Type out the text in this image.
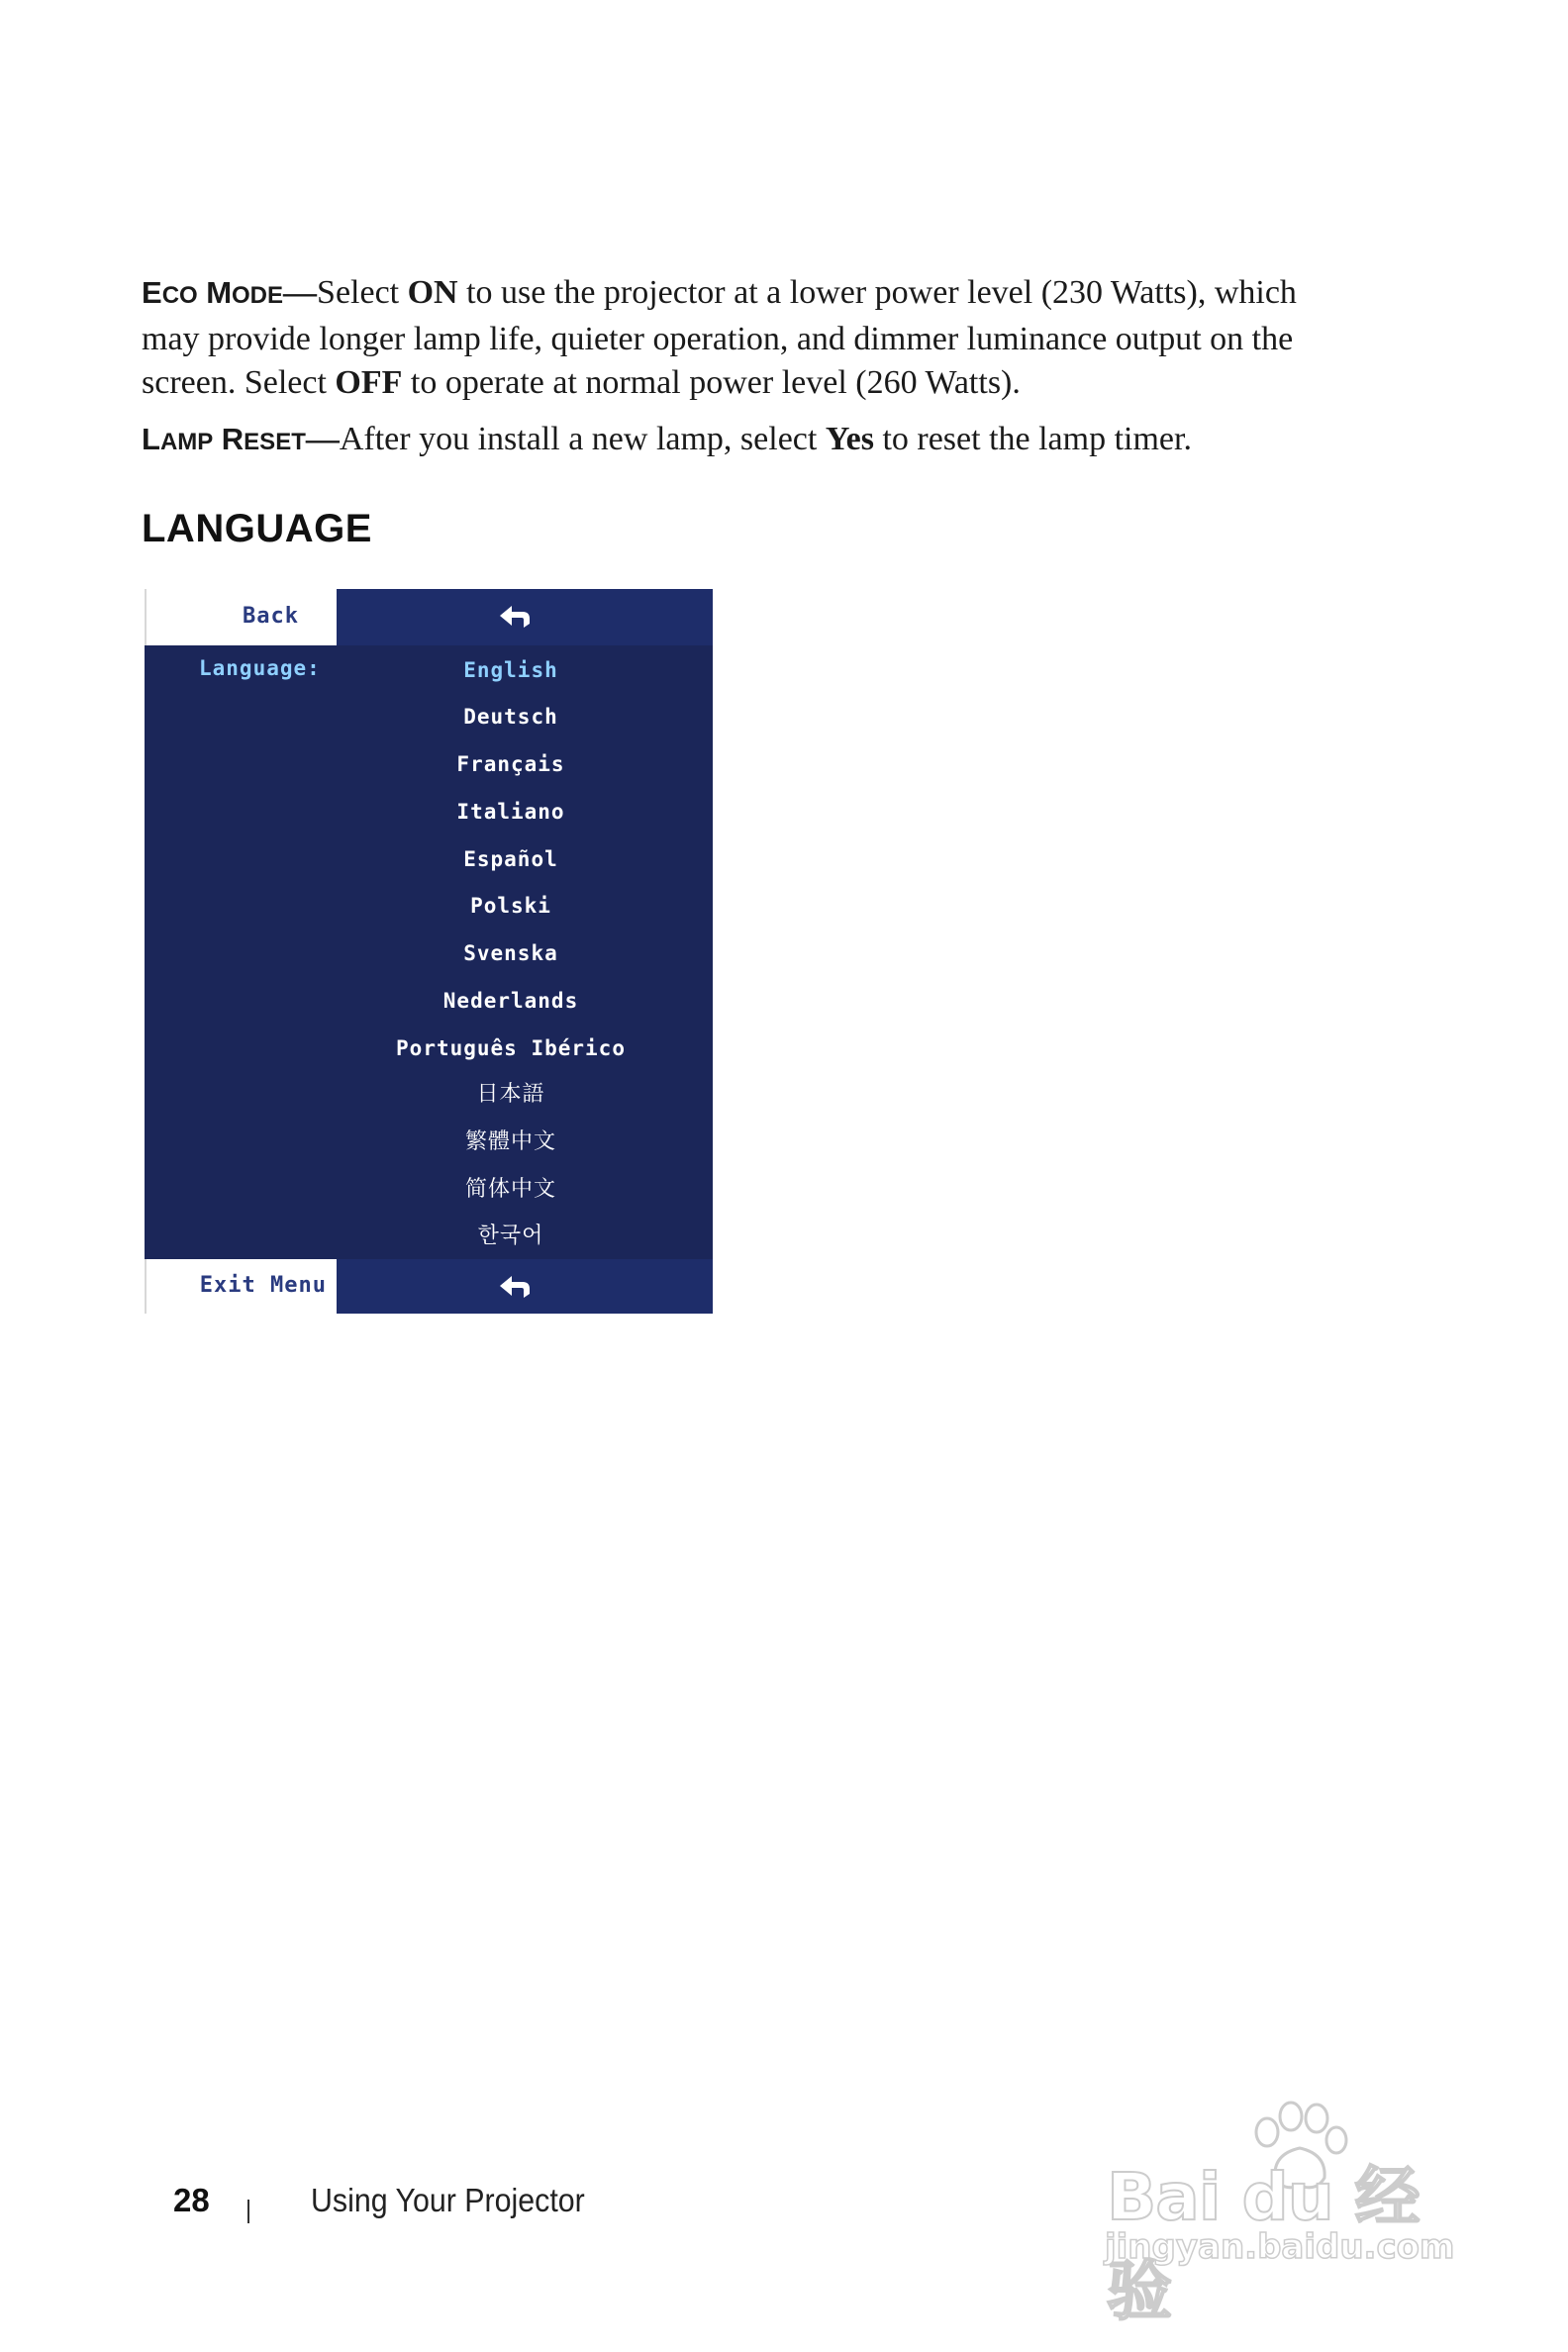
ECO MODE—Select ON to use the projector at a lower power level (230 Watts), which may provide longer lamp life, quieter operation, and dimmer luminance output on the screen. Select OFF to operate at normal power level (260 Watts).
LAMP RESET—After you install a new lamp, select Yes to reset the lamp timer.
LANGUAGE
Back
Language:	English
Deutsch
Français
Italiano
Español
Polski
Svenska
Nederlands
Português Ibérico
日本語
繁體中文
简体中文
한국어
Exit Menu
28	Using Your Projector	Bai du 经验
jingyan.baidu.com
